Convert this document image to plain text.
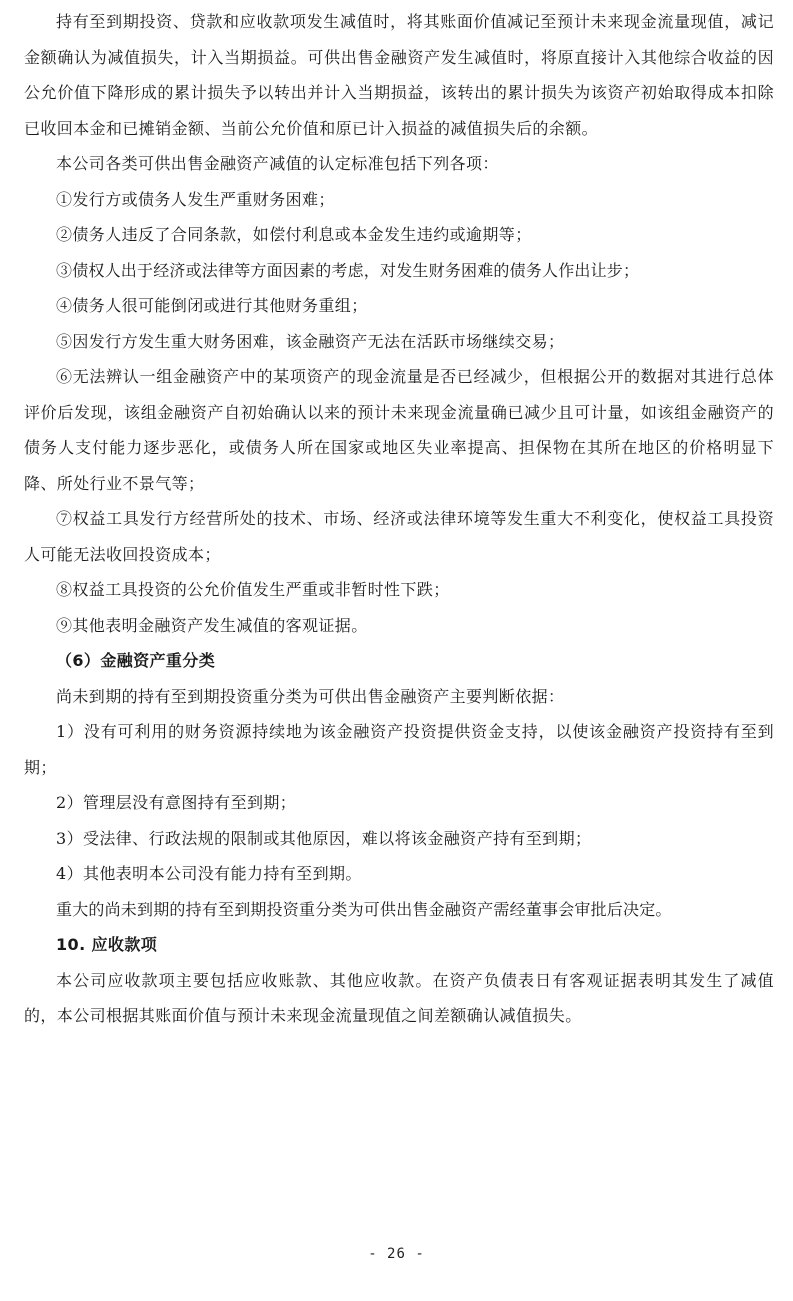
持有至到期投资、贷款和应收款项发生减值时，将其账面价值减记至预计未来现金流量现值，减记金额确认为减值损失，计入当期损益。可供出售金融资产发生减值时，将原直接计入其他综合收益的因公允价值下降形成的累计损失予以转出并计入当期损益，该转出的累计损失为该资产初始取得成本扣除已收回本金和已摊销金额、当前公允价值和原已计入损益的减值损失后的余额。

本公司各类可供出售金融资产减值的认定标准包括下列各项：

①发行方或债务人发生严重财务困难；

②债务人违反了合同条款，如偿付利息或本金发生违约或逾期等；

③债权人出于经济或法律等方面因素的考虑，对发生财务困难的债务人作出让步；

④债务人很可能倒闭或进行其他财务重组；

⑤因发行方发生重大财务困难，该金融资产无法在活跃市场继续交易；

⑥无法辨认一组金融资产中的某项资产的现金流量是否已经减少，但根据公开的数据对其进行总体评价后发现，该组金融资产自初始确认以来的预计未来现金流量确已减少且可计量，如该组金融资产的债务人支付能力逐步恶化，或债务人所在国家或地区失业率提高、担保物在其所在地区的价格明显下降、所处行业不景气等；

⑦权益工具发行方经营所处的技术、市场、经济或法律环境等发生重大不利变化，使权益工具投资人可能无法收回投资成本；

⑧权益工具投资的公允价值发生严重或非暂时性下跌；

⑨其他表明金融资产发生减值的客观证据。

（6）金融资产重分类

尚未到期的持有至到期投资重分类为可供出售金融资产主要判断依据：

1）没有可利用的财务资源持续地为该金融资产投资提供资金支持，以使该金融资产投资持有至到期；

2）管理层没有意图持有至到期；

3）受法律、行政法规的限制或其他原因，难以将该金融资产持有至到期；

4）其他表明本公司没有能力持有至到期。

重大的尚未到期的持有至到期投资重分类为可供出售金融资产需经董事会审批后决定。

10. 应收款项

本公司应收款项主要包括应收账款、其他应收款。在资产负债表日有客观证据表明其发生了减值的，本公司根据其账面价值与预计未来现金流量现值之间差额确认减值损失。

- 26 -
